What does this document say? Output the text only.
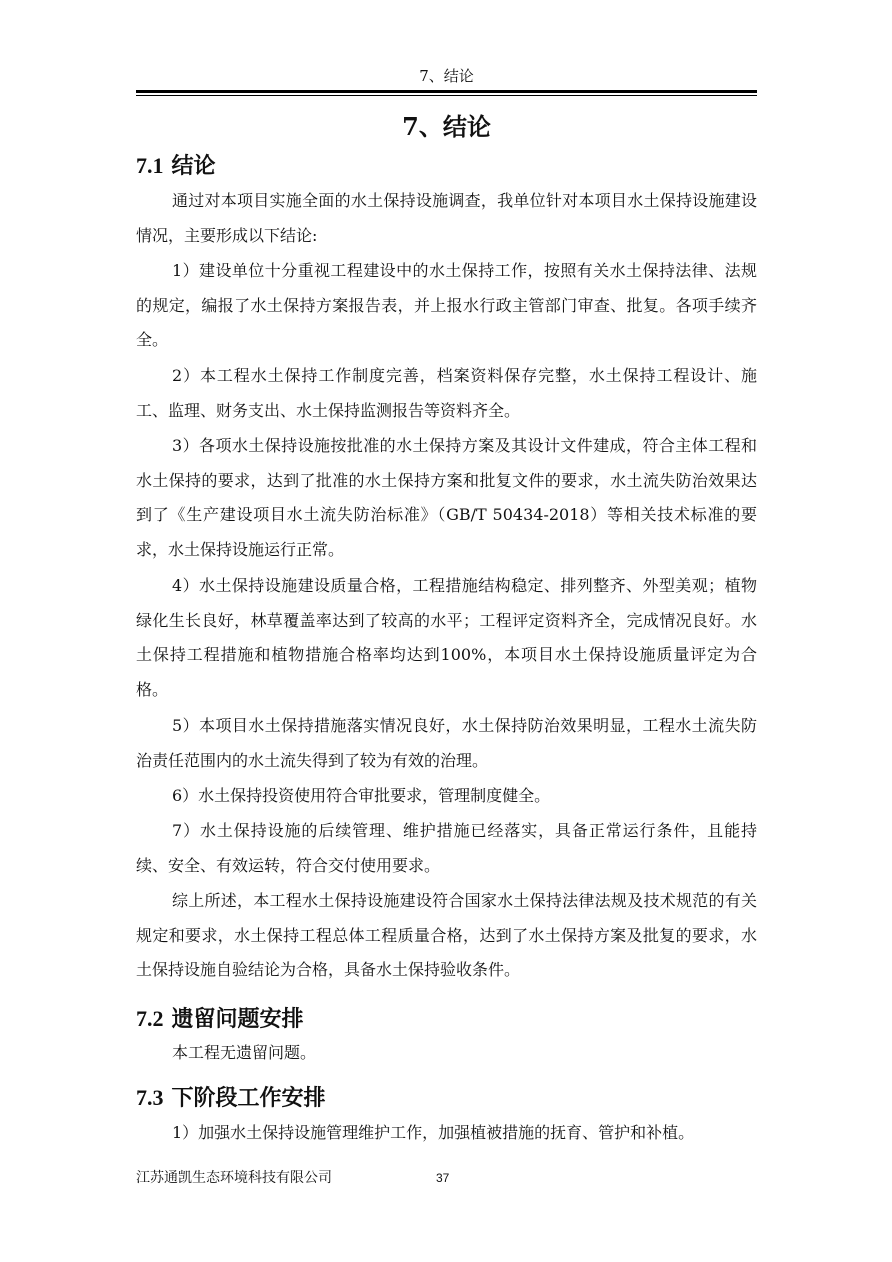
7、结论
7、结论
7.1 结论

通过对本项目实施全面的水土保持设施调查，我单位针对本项目水土保持设施建设情况，主要形成以下结论:

1）建设单位十分重视工程建设中的水土保持工作，按照有关水土保持法律、法规的规定，编报了水土保持方案报告表，并上报水行政主管部门审查、批复。各项手续齐全。

2）本工程水土保持工作制度完善，档案资料保存完整，水土保持工程设计、施工、监理、财务支出、水土保持监测报告等资料齐全。

3）各项水土保持设施按批准的水土保持方案及其设计文件建成，符合主体工程和水土保持的要求，达到了批准的水土保持方案和批复文件的要求，水土流失防治效果达到了《生产建设项目水土流失防治标准》（GB/T 50434-2018）等相关技术标准的要求，水土保持设施运行正常。

4）水土保持设施建设质量合格，工程措施结构稳定、排列整齐、外型美观；植物绿化生长良好，林草覆盖率达到了较高的水平；工程评定资料齐全，完成情况良好。水土保持工程措施和植物措施合格率均达到100%，本项目水土保持设施质量评定为合格。

5）本项目水土保持措施落实情况良好，水土保持防治效果明显，工程水土流失防治责任范围内的水土流失得到了较为有效的治理。

6）水土保持投资使用符合审批要求，管理制度健全。

7）水土保持设施的后续管理、维护措施已经落实，具备正常运行条件，且能持续、安全、有效运转，符合交付使用要求。

综上所述，本工程水土保持设施建设符合国家水土保持法律法规及技术规范的有关规定和要求，水土保持工程总体工程质量合格，达到了水土保持方案及批复的要求，水土保持设施自验结论为合格，具备水土保持验收条件。

7.2 遗留问题安排

本工程无遗留问题。

7.3 下阶段工作安排

1）加强水土保持设施管理维护工作，加强植被措施的抚育、管护和补植。

江苏通凯生态环境科技有限公司	37
